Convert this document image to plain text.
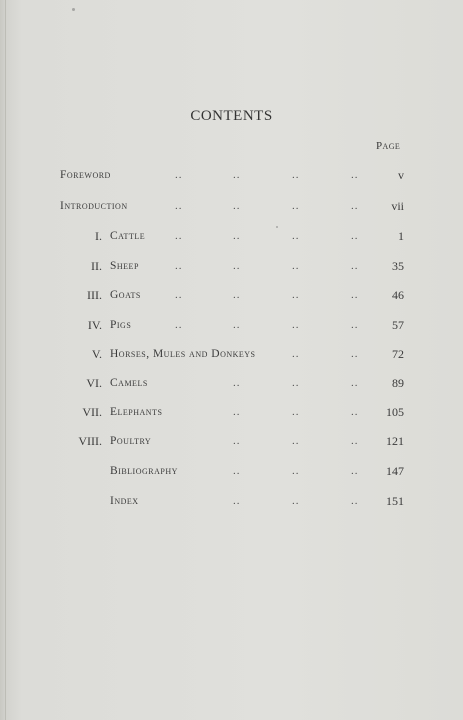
CONTENTS
Page
Foreword	..	..	..	..	v
Introduction	..	..	..	..	vii
I. Cattle	..	..	..	..	1
II. Sheep	..	..	..	..	35
III. Goats	..	..	..	..	46
IV. Pigs	..	..	..	..	57
V. Horses, Mules and Donkeys	..	..	72
VI. Camels	..	..	..	89
VII. Elephants	..	..	.. 105
VIII. Poultry	..	..	.. 121
Bibliography	..	..	.. 147
Index	..	..	.. 151
